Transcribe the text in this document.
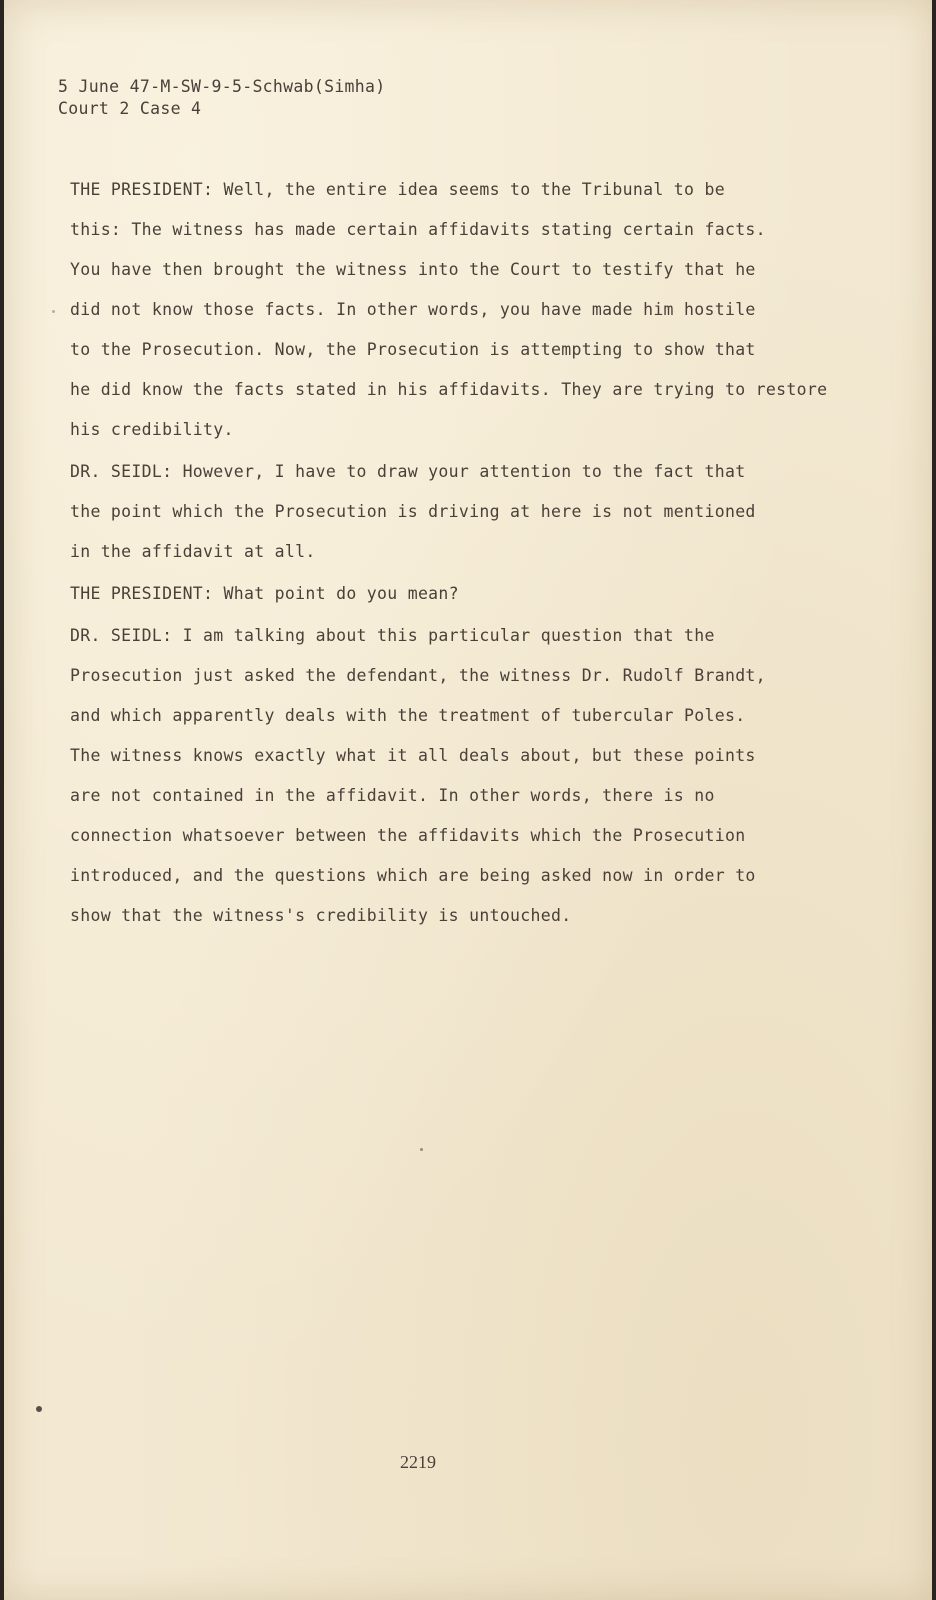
5 June 47-M-SW-9-5-Schwab(Simha)
Court 2 Case 4
THE PRESIDENT: Well, the entire idea seems to the Tribunal to be
this: The witness has made certain affidavits stating certain facts.
You have then brought the witness into the Court to testify that he
did not know those facts. In other words, you have made him hostile
to the Prosecution. Now, the Prosecution is attempting to show that
he did know the facts stated in his affidavits. They are trying to restore
his credibility.
DR. SEIDL: However, I have to draw your attention to the fact that
the point which the Prosecution is driving at here is not mentioned
in the affidavit at all.
THE PRESIDENT: What point do you mean?
DR. SEIDL: I am talking about this particular question that the
Prosecution just asked the defendant, the witness Dr. Rudolf Brandt,
and which apparently deals with the treatment of tubercular Poles.
The witness knows exactly what it all deals about, but these points
are not contained in the affidavit. In other words, there is no
connection whatsoever between the affidavits which the Prosecution
introduced, and the questions which are being asked now in order to
show that the witness's credibility is untouched.
2219
